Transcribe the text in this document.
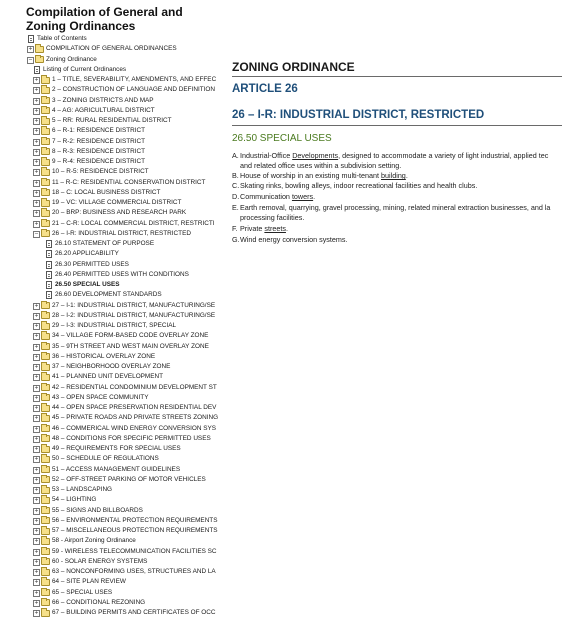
Compilation of General and
Zoning Ordinances
Table of Contents
+ COMPILATION OF GENERAL ORDINANCES
− Zoning Ordinance
Listing of Current Ordinances
+ 1 – TITLE, SEVERABILITY, AMENDMENTS, AND EFFEC
+ 2 – CONSTRUCTION OF LANGUAGE AND DEFINITION
+ 3 – ZONING DISTRICTS AND MAP
+ 4 – AG: AGRICULTURAL DISTRICT
+ 5 – RR: RURAL RESIDENTIAL DISTRICT
+ 6 – R-1: RESIDENCE DISTRICT
+ 7 – R-2: RESIDENCE DISTRICT
+ 8 – R-3: RESIDENCE DISTRICT
+ 9 – R-4: RESIDENCE DISTRICT
+ 10 – R-5: RESIDENCE DISTRICT
+ 11 – R-C: RESIDENTIAL CONSERVATION DISTRICT
+ 18 – C: LOCAL BUSINESS DISTRICT
+ 19 – VC: VILLAGE COMMERCIAL DISTRICT
+ 20 – BRP: BUSINESS AND RESEARCH PARK
+ 21 – C-R: LOCAL COMMERCIAL DISTRICT, RESTRICTI
− 26 – I-R: INDUSTRIAL DISTRICT, RESTRICTED
26.10 STATEMENT OF PURPOSE
26.20 APPLICABILITY
26.30 PERMITTED USES
26.40 PERMITTED USES WITH CONDITIONS
26.50 SPECIAL USES
26.60 DEVELOPMENT STANDARDS
+ 27 – I-1: INDUSTRIAL DISTRICT, MANUFACTURING/SE
+ 28 – I-2: INDUSTRIAL DISTRICT, MANUFACTURING/SE
+ 29 – I-3: INDUSTRIAL DISTRICT, SPECIAL
+ 34 – VILLAGE FORM-BASED CODE OVERLAY ZONE
+ 35 – 9TH STREET AND WEST MAIN OVERLAY ZONE
+ 36 – HISTORICAL OVERLAY ZONE
+ 37 – NEIGHBORHOOD OVERLAY ZONE
+ 41 – PLANNED UNIT DEVELOPMENT
+ 42 – RESIDENTIAL CONDOMINIUM DEVELOPMENT ST
+ 43 – OPEN SPACE COMMUNITY
+ 44 – OPEN SPACE PRESERVATION RESIDENTIAL DEV
+ 45 – PRIVATE ROADS AND PRIVATE STREETS ZONING
+ 46 – COMMERICAL WIND ENERGY CONVERSION SYS
+ 48 – CONDITIONS FOR SPECIFIC PERMITTED USES
+ 49 – REQUIREMENTS FOR SPECIAL USES
+ 50 – SCHEDULE OF REGULATIONS
+ 51 – ACCESS MANAGEMENT GUIDELINES
+ 52 – OFF-STREET PARKING OF MOTOR VEHICLES
+ 53 – LANDSCAPING
+ 54 – LIGHTING
+ 55 – SIGNS AND BILLBOARDS
+ 56 – ENVIRONMENTAL PROTECTION REQUIREMENTS
+ 57 – MISCELLANEOUS PROTECTION REQUIREMENTS
+ 58 - Airport Zoning Ordinance
+ 59 - WIRELESS TELECOMMUNICATION FACILITIES SC
+ 60 - SOLAR ENERGY SYSTEMS
+ 63 – NONCONFORMING USES, STRUCTURES AND LA
+ 64 – SITE PLAN REVIEW
+ 65 – SPECIAL USES
+ 66 – CONDITIONAL REZONING
+ 67 – BUILDING PERMITS AND CERTIFICATES OF OCC
ZONING ORDINANCE
ARTICLE 26
26 – I-R: INDUSTRIAL DISTRICT, RESTRICTED
26.50 SPECIAL USES
A. Industrial-Office Developments, designed to accommodate a variety of light industrial, applied tec
and related office uses within a subdivision setting.
B. House of worship in an existing multi-tenant building.
C. Skating rinks, bowling alleys, indoor recreational facilities and health clubs.
D. Communication towers.
E. Earth removal, quarrying, gravel processing, mining, related mineral extraction businesses, and la
processing facilities.
F. Private streets.
G. Wind energy conversion systems.
